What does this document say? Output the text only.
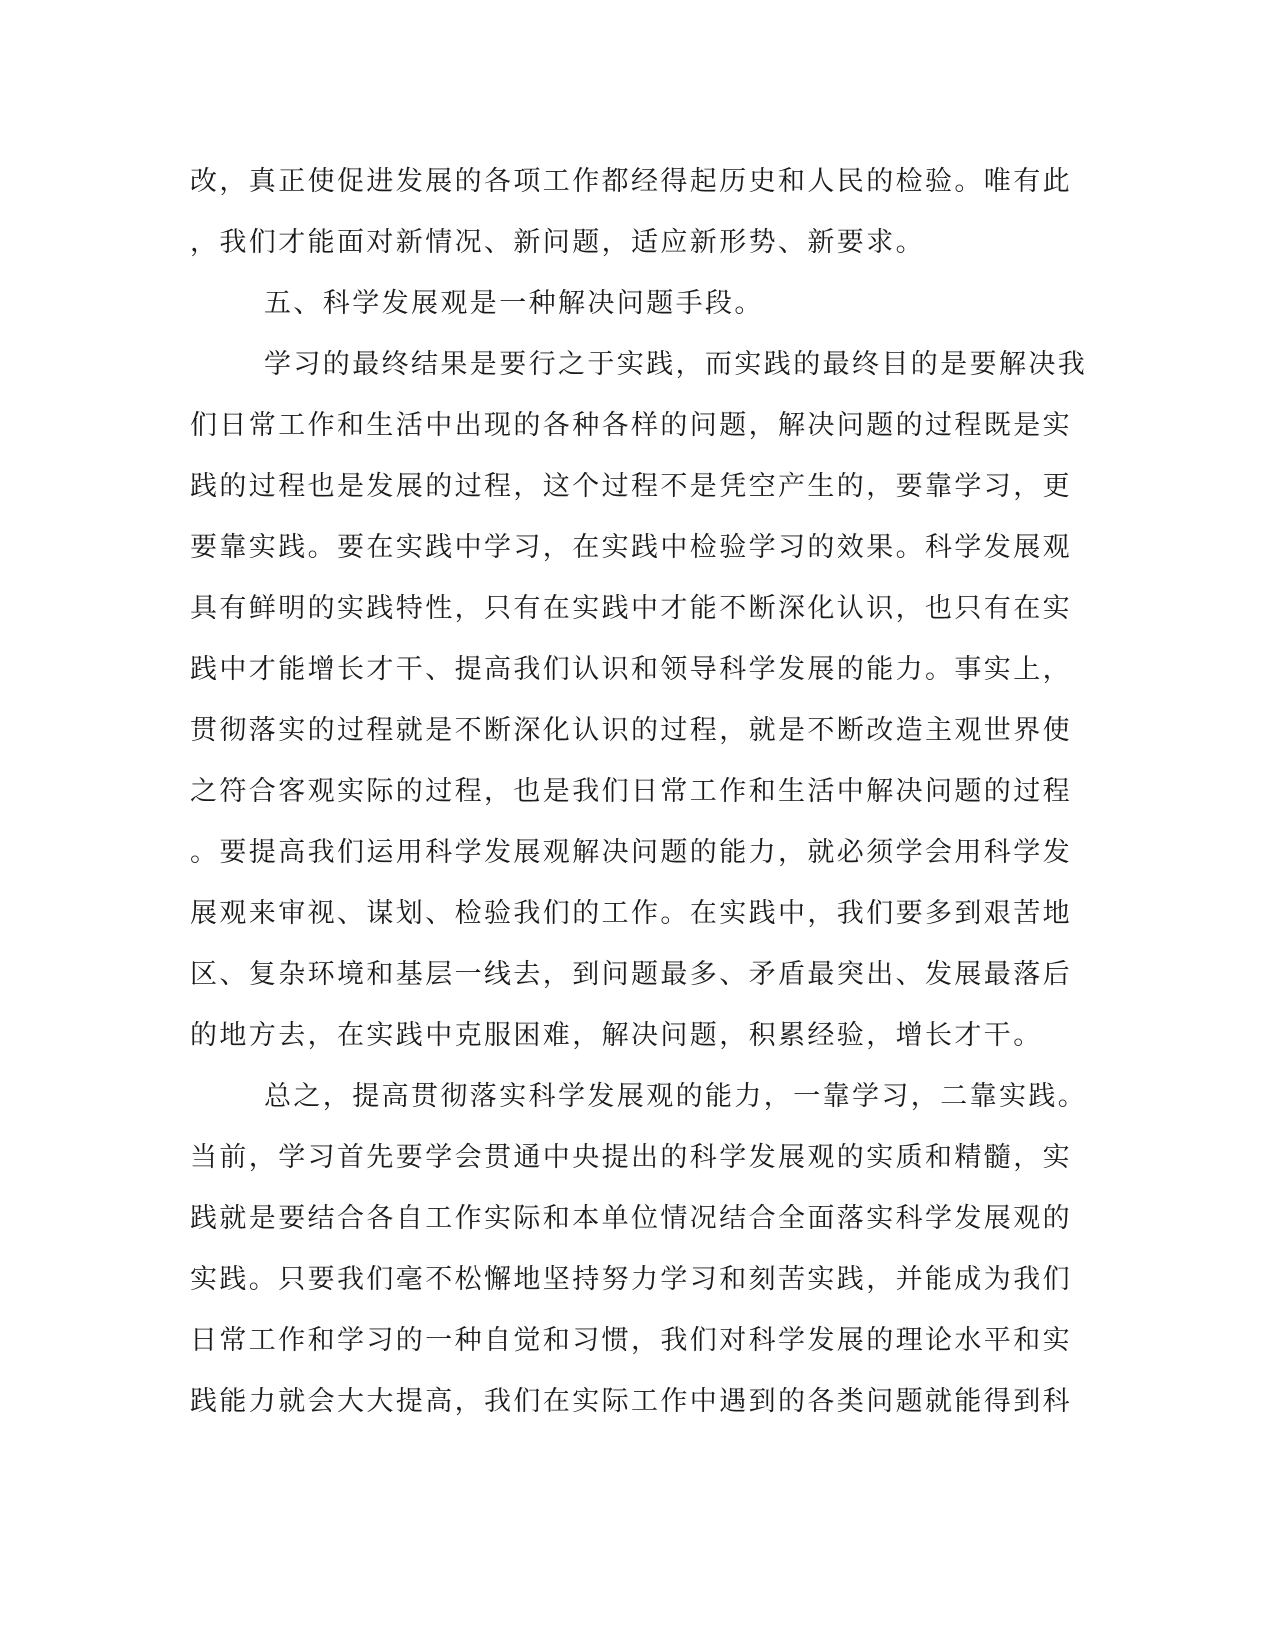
改，真正使促进发展的各项工作都经得起历史和人民的检验。唯有此
，我们才能面对新情况、新问题，适应新形势、新要求。
五、科学发展观是一种解决问题手段。
学习的最终结果是要行之于实践，而实践的最终目的是要解决我
们日常工作和生活中出现的各种各样的问题，解决问题的过程既是实
践的过程也是发展的过程，这个过程不是凭空产生的，要靠学习，更
要靠实践。要在实践中学习，在实践中检验学习的效果。科学发展观
具有鲜明的实践特性，只有在实践中才能不断深化认识，也只有在实
践中才能增长才干、提高我们认识和领导科学发展的能力。事实上，
贯彻落实的过程就是不断深化认识的过程，就是不断改造主观世界使
之符合客观实际的过程，也是我们日常工作和生活中解决问题的过程
。要提高我们运用科学发展观解决问题的能力，就必须学会用科学发
展观来审视、谋划、检验我们的工作。在实践中，我们要多到艰苦地
区、复杂环境和基层一线去，到问题最多、矛盾最突出、发展最落后
的地方去，在实践中克服困难，解决问题，积累经验，增长才干。
总之，提高贯彻落实科学发展观的能力，一靠学习，二靠实践。
当前，学习首先要学会贯通中央提出的科学发展观的实质和精髓，实
践就是要结合各自工作实际和本单位情况结合全面落实科学发展观的
实践。只要我们毫不松懈地坚持努力学习和刻苦实践，并能成为我们
日常工作和学习的一种自觉和习惯，我们对科学发展的理论水平和实
践能力就会大大提高，我们在实际工作中遇到的各类问题就能得到科
